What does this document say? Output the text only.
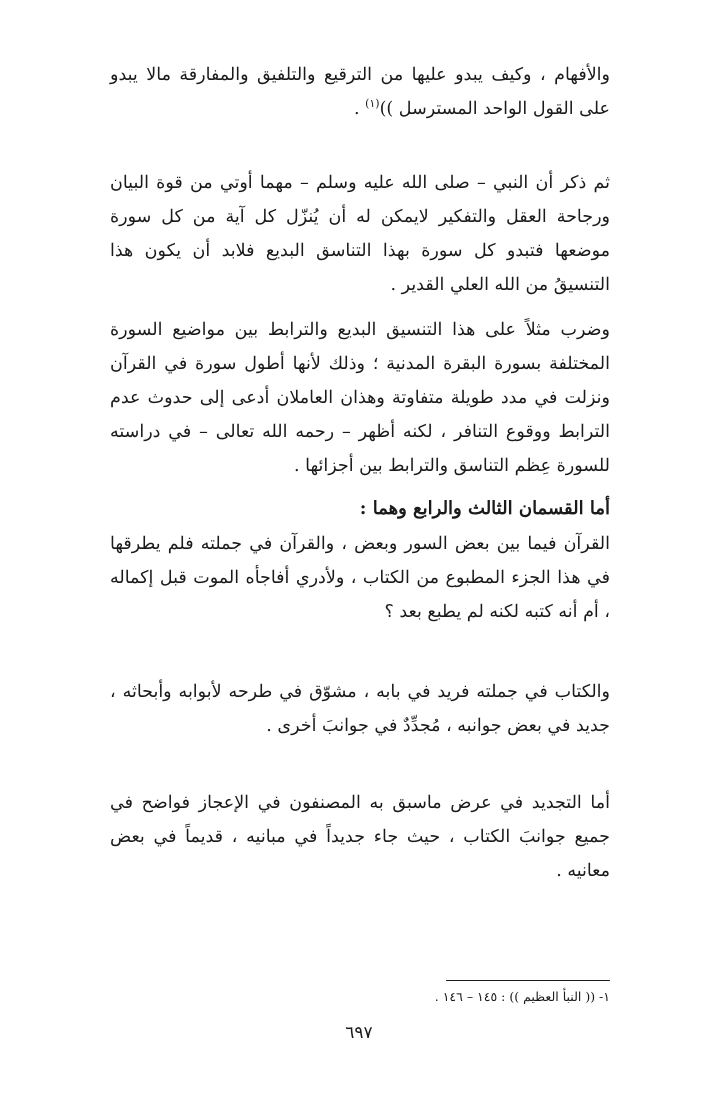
والأفهام ، وكيف يبدو عليها من الترقيع والتلفيق والمفارقة مالا يبدو على القول الواحد المسترسل ))$^{(١)}$ .

ثم ذكر أن النبي – صلى الله عليه وسلم – مهما أوتي من قوة البيان ورجاحة العقل والتفكير لايمكن له أن يُنزّل كل آية من كل سورة موضعها فتبدو كل سورة بهذا التناسق البديع فلابد أن يكون هذا التنسيقُ من الله العلي القدير .

وضرب مثلاً على هذا التنسيق البديع والترابط بين مواضيع السورة المختلفة بسورة البقرة المدنية ؛ وذلك لأنها أطول سورة في القرآن ونزلت في مدد طويلة متفاوتة وهذان العاملان أدعى إلى حدوث عدم الترابط ووقوع التنافر ، لكنه أظهر – رحمه الله تعالى – في دراسته للسورة عِظم التناسق والترابط بين أجزائها .

أما القسمان الثالث والرابع وهما :

القرآن فيما بين بعض السور وبعض ، والقرآن في جملته فلم يطرقها في هذا الجزء المطبوع من الكتاب ، ولأدري أفاجأه الموت قبل إكماله ، أم أنه كتبه لكنه لم يطبع بعد ؟

والكتاب في جملته فريد في بابه ، مشوّق في طرحه لأبوابه وأبحاثه ، جديد في بعض جوانبه ، مُجدِّدٌ في جوانبَ أخرى .

أما التجديد في عرض ماسبق به المصنفون في الإعجاز فواضح في جميع جوانبَ الكتاب ، حيث جاء جديداً في مبانيه ، قديماً في بعض معانيه .

١- (( النبأ العظيم )) : ١٤٥ – ١٤٦ .

٦٩٧
